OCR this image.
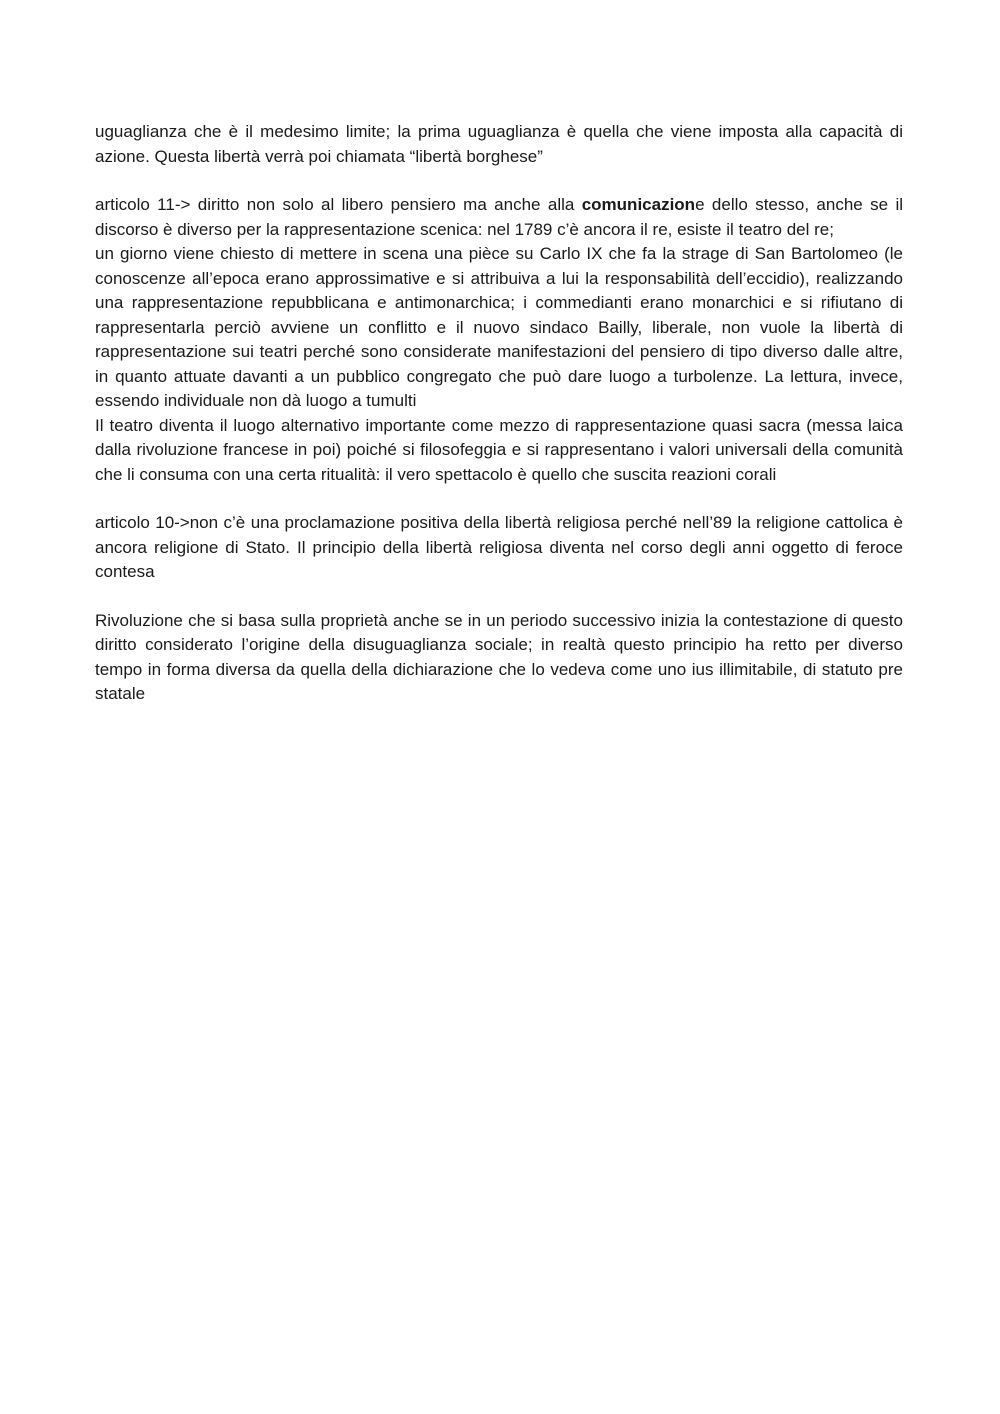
uguaglianza che è il medesimo limite; la prima uguaglianza è quella che viene imposta alla capacità di azione. Questa libertà verrà poi chiamata “libertà borghese”

articolo 11-> diritto non solo al libero pensiero ma anche alla comunicazione dello stesso, anche se il discorso è diverso per la rappresentazione scenica: nel 1789 c’è ancora il re, esiste il teatro del re;

un giorno viene chiesto di mettere in scena una pièce su Carlo IX che fa la strage di San Bartolomeo (le conoscenze all’epoca erano approssimative e si attribuiva a lui la responsabilità dell’eccidio), realizzando una rappresentazione repubblicana e antimonarchica; i commedianti erano monarchici e si rifiutano di rappresentarla perciò avviene un conflitto e il nuovo sindaco Bailly, liberale, non vuole la libertà di rappresentazione sui teatri perché sono considerate manifestazioni del pensiero di tipo diverso dalle altre, in quanto attuate davanti a un pubblico congregato che può dare luogo a turbolenze. La lettura, invece, essendo individuale non dà luogo a tumulti

Il teatro diventa il luogo alternativo importante come mezzo di rappresentazione quasi sacra (messa laica dalla rivoluzione francese in poi) poiché si filosofeggia e si rappresentano i valori universali della comunità che li consuma con una certa ritualità: il vero spettacolo è quello che suscita reazioni corali

articolo 10->non c’è una proclamazione positiva della libertà religiosa perché nell’89 la religione cattolica è ancora religione di Stato. Il principio della libertà religiosa diventa nel corso degli anni oggetto di feroce contesa

Rivoluzione che si basa sulla proprietà anche se in un periodo successivo inizia la contestazione di questo diritto considerato l’origine della disuguaglianza sociale; in realtà questo principio ha retto per diverso tempo in forma diversa da quella della dichiarazione che lo vedeva come uno ius illimitabile, di statuto pre statale
